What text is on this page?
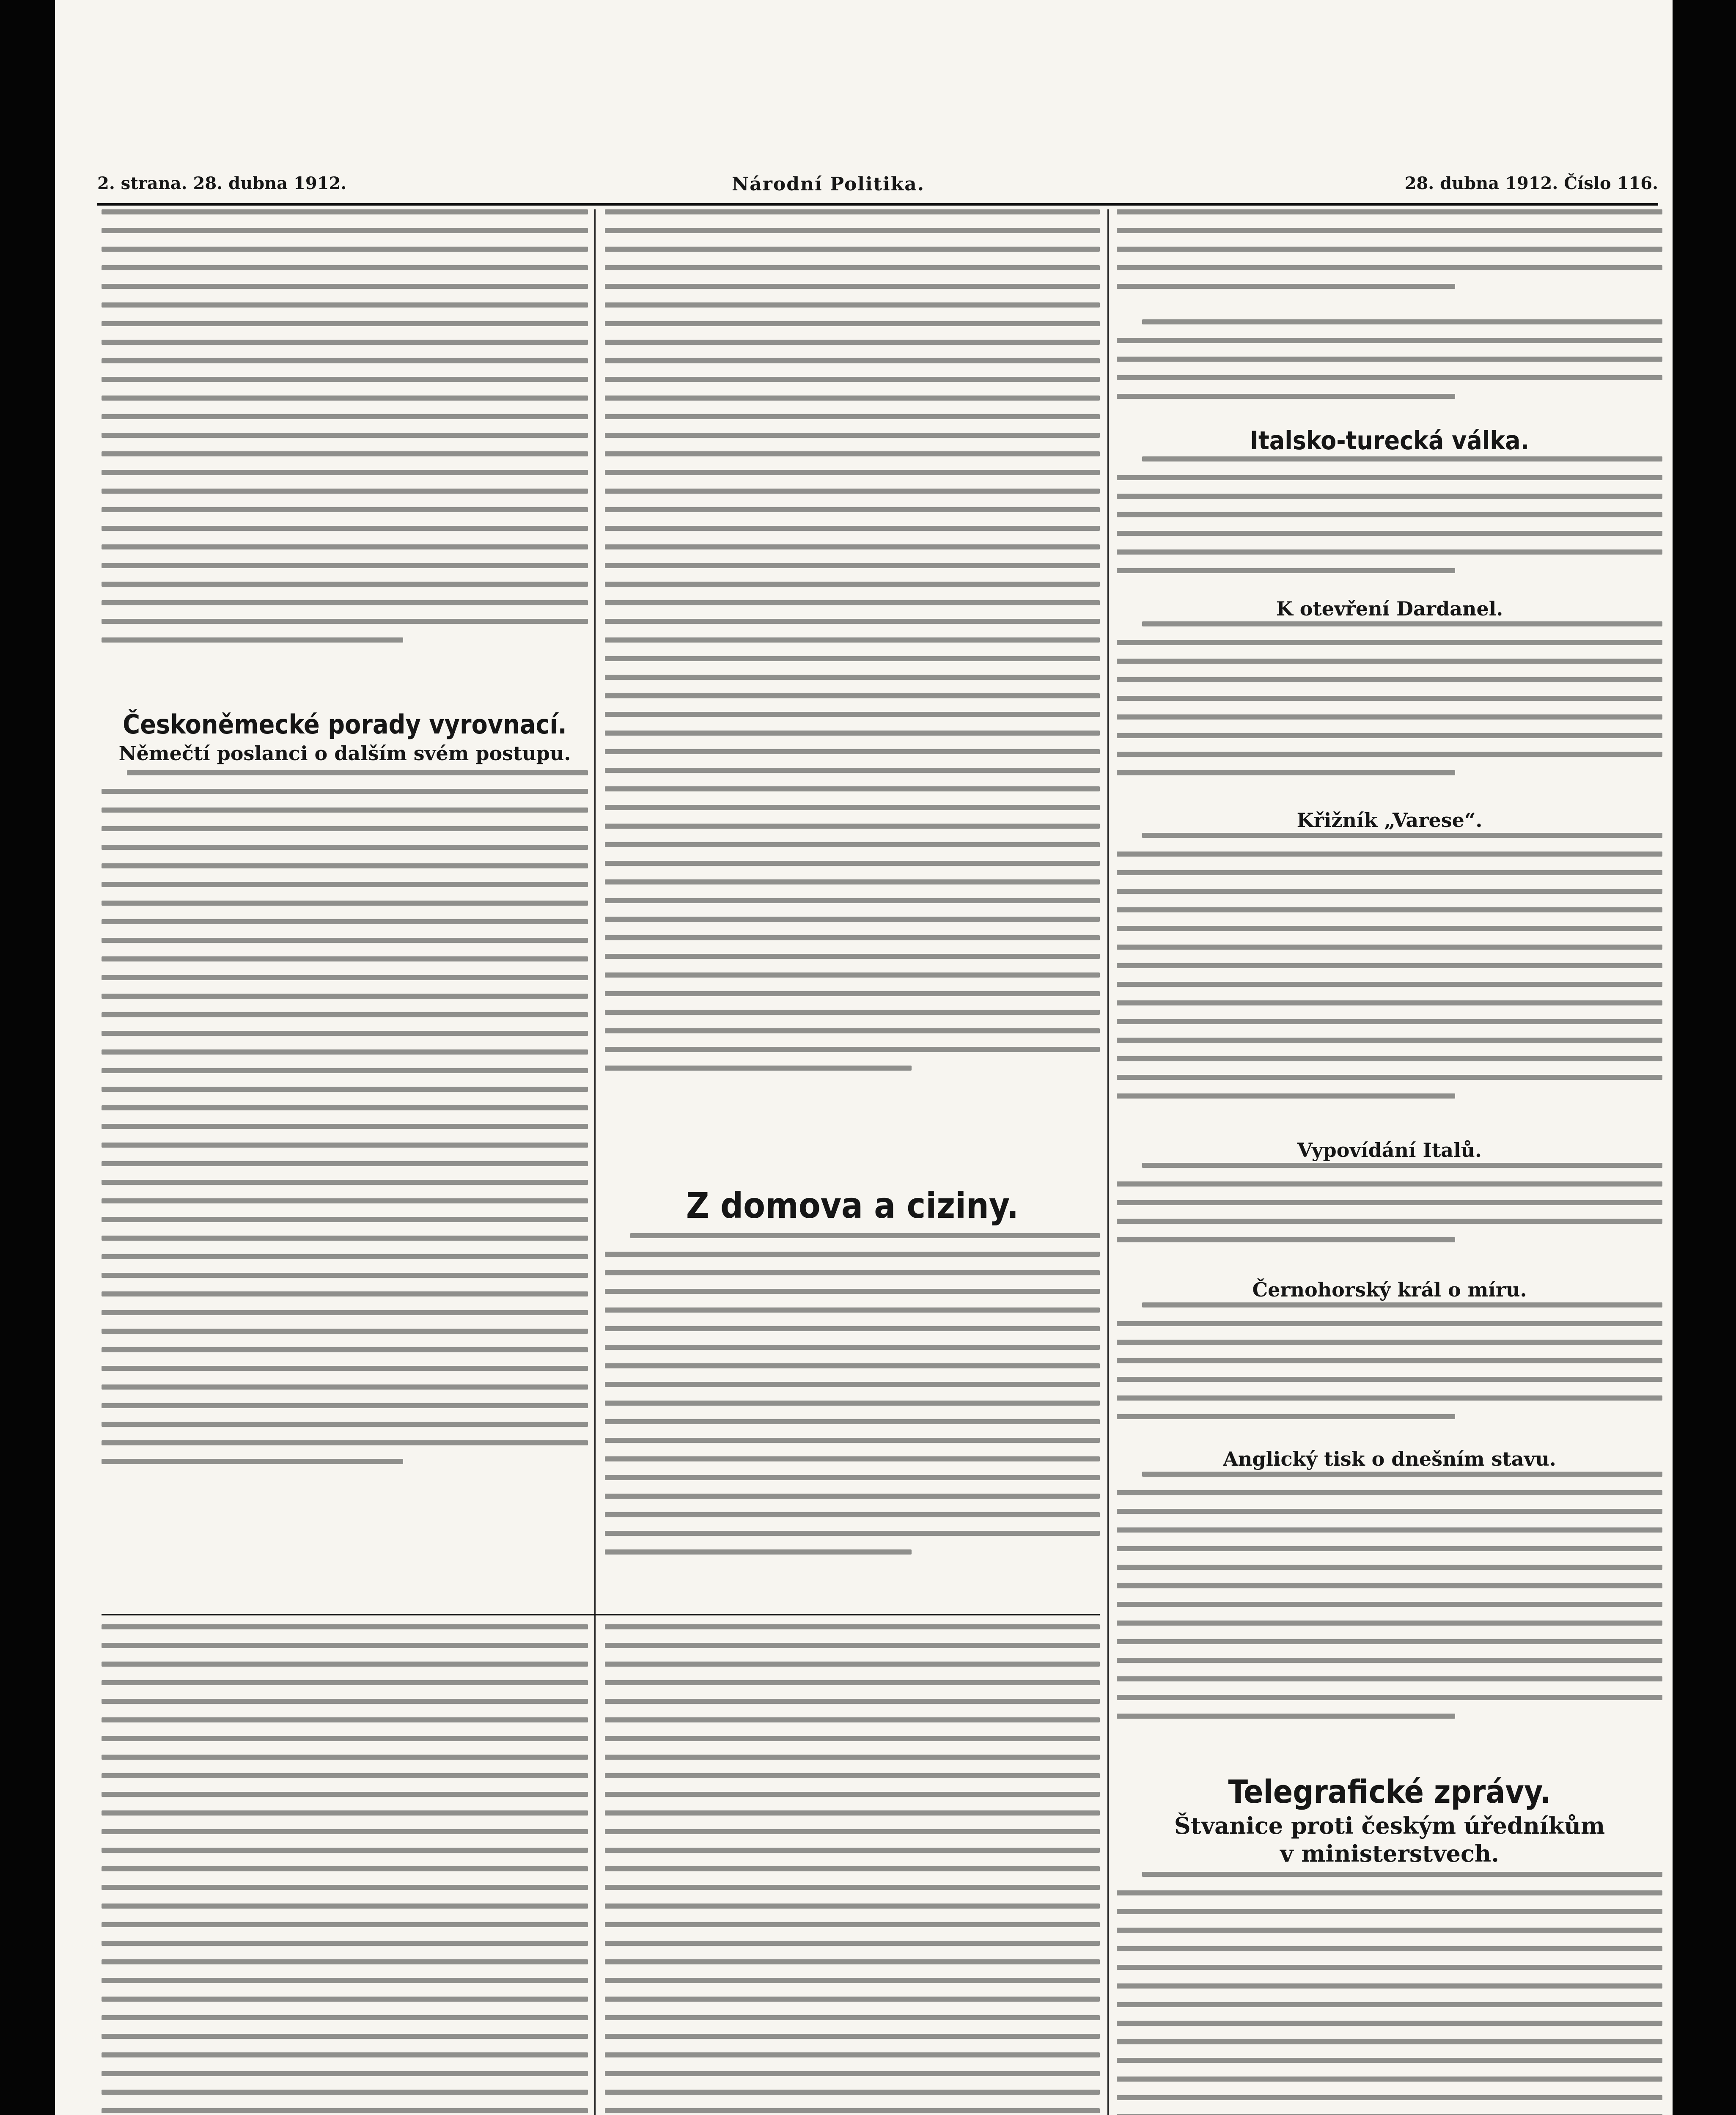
2. strana. 28. dubna 1912.	Národní Politika.	28. dubna 1912. Číslo 116.
Českoněmecké porady vyrovnací.
Němečtí poslanci o dalším svém postupu.
Z domova a ciziny.
Italsko-turecká válka.
K otevření Dardanel.
Křižník „Varese“.
Vypovídání Italů.
Černohorský král o míru.
Anglický tisk o dnešním stavu.
Telegrafické zprávy.
Štvanice proti českým úředníkům
v ministerstvech.
